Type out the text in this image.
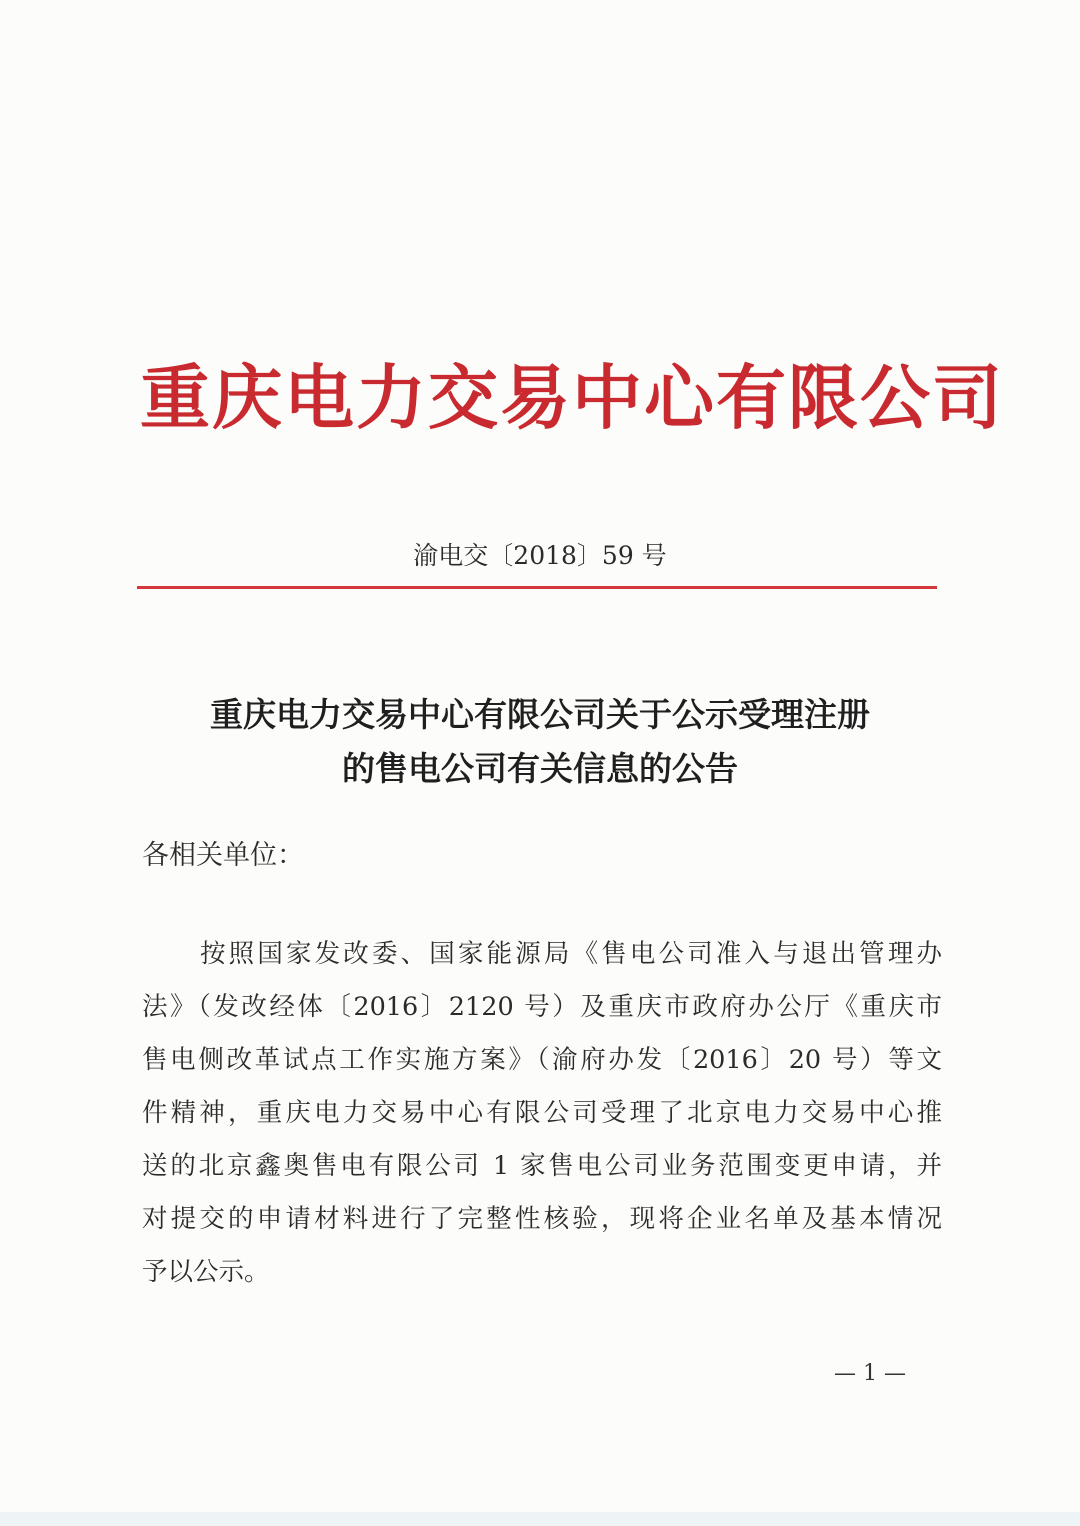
重庆电力交易中心有限公司
渝电交〔2018〕59 号
重庆电力交易中心有限公司关于公示受理注册
的售电公司有关信息的公告
各相关单位：
按照国家发改委、国家能源局《售电公司准入与退出管理办
法》（发改经体〔2016〕2120 号）及重庆市政府办公厅《重庆市
售电侧改革试点工作实施方案》（渝府办发〔2016〕20 号）等文
件精神，重庆电力交易中心有限公司受理了北京电力交易中心推
送的北京鑫奥售电有限公司 1 家售电公司业务范围变更申请，并
对提交的申请材料进行了完整性核验，现将企业名单及基本情况
予以公示。
— 1 —
